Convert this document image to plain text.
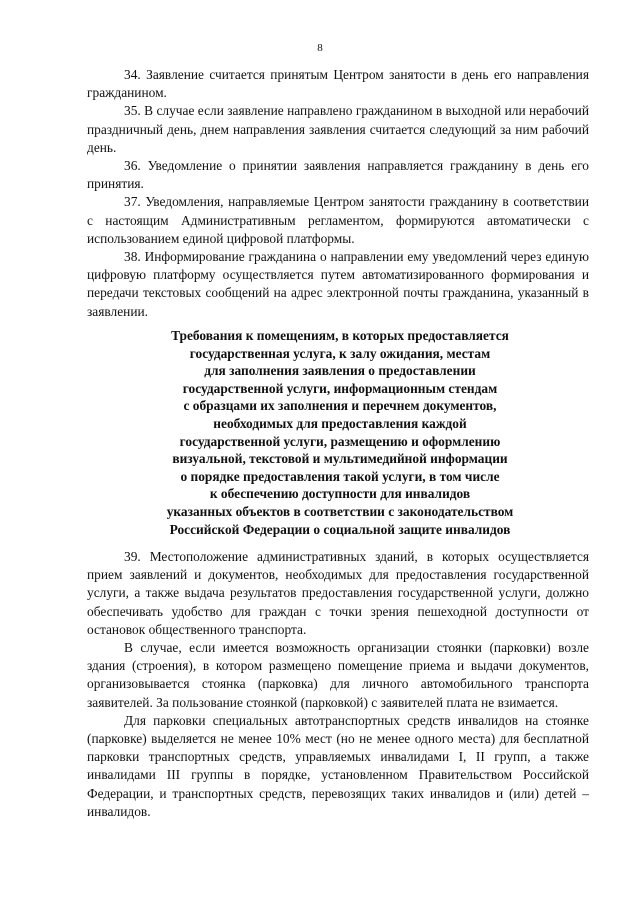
8

34. Заявление считается принятым Центром занятости в день его направления гражданином.

35. В случае если заявление направлено гражданином в выходной или нерабочий праздничный день, днем направления заявления считается следующий за ним рабочий день.

36. Уведомление о принятии заявления направляется гражданину в день его принятия.

37. Уведомления, направляемые Центром занятости гражданину в соответствии с настоящим Административным регламентом, формируются автоматически с использованием единой цифровой платформы.

38. Информирование гражданина о направлении ему уведомлений через единую цифровую платформу осуществляется путем автоматизированного формирования и передачи текстовых сообщений на адрес электронной почты гражданина, указанный в заявлении.

Требования к помещениям, в которых предоставляется
государственная услуга, к залу ожидания, местам
для заполнения заявления о предоставлении
государственной услуги, информационным стендам
с образцами их заполнения и перечнем документов,
необходимых для предоставления каждой
государственной услуги, размещению и оформлению
визуальной, текстовой и мультимедийной информации
о порядке предоставления такой услуги, в том числе
к обеспечению доступности для инвалидов
указанных объектов в соответствии с законодательством
Российской Федерации о социальной защите инвалидов

39. Местоположение административных зданий, в которых осуществляется прием заявлений и документов, необходимых для предоставления государственной услуги, а также выдача результатов предоставления государственной услуги, должно обеспечивать удобство для граждан с точки зрения пешеходной доступности от остановок общественного транспорта.

В случае, если имеется возможность организации стоянки (парковки) возле здания (строения), в котором размещено помещение приема и выдачи документов, организовывается стоянка (парковка) для личного автомобильного транспорта заявителей. За пользование стоянкой (парковкой) с заявителей плата не взимается.

Для парковки специальных автотранспортных средств инвалидов на стоянке (парковке) выделяется не менее 10% мест (но не менее одного места) для бесплатной парковки транспортных средств, управляемых инвалидами I, II групп, а также инвалидами III группы в порядке, установленном Правительством Российской Федерации, и транспортных средств, перевозящих таких инвалидов и (или) детей – инвалидов.
